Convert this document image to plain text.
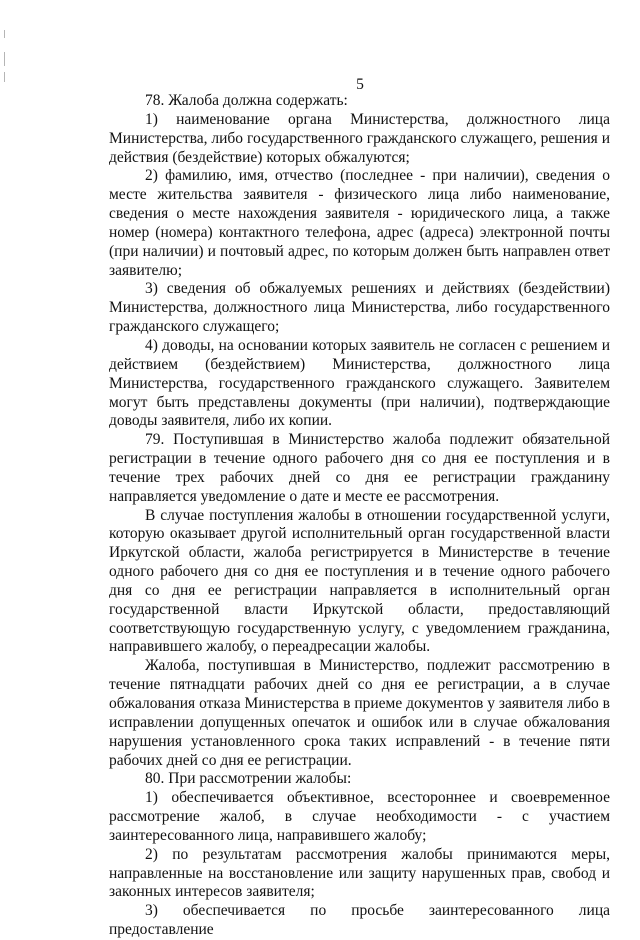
5

78. Жалоба должна содержать:

1) наименование органа Министерства, должностного лица Министерства, либо государственного гражданского служащего, решения и действия (бездействие) которых обжалуются;

2) фамилию, имя, отчество (последнее - при наличии), сведения о месте жительства заявителя - физического лица либо наименование, сведения о месте нахождения заявителя - юридического лица, а также номер (номера) контактного телефона, адрес (адреса) электронной почты (при наличии) и почтовый адрес, по которым должен быть направлен ответ заявителю;

3) сведения об обжалуемых решениях и действиях (бездействии) Министерства, должностного лица Министерства, либо государственного гражданского служащего;

4) доводы, на основании которых заявитель не согласен с решением и действием (бездействием) Министерства, должностного лица Министерства, государственного гражданского служащего. Заявителем могут быть представлены документы (при наличии), подтверждающие доводы заявителя, либо их копии.

79. Поступившая в Министерство жалоба подлежит обязательной регистрации в течение одного рабочего дня со дня ее поступления и в течение трех рабочих дней со дня ее регистрации гражданину направляется уведомление о дате и месте ее рассмотрения.

В случае поступления жалобы в отношении государственной услуги, которую оказывает другой исполнительный орган государственной власти Иркутской области, жалоба регистрируется в Министерстве в течение одного рабочего дня со дня ее поступления и в течение одного рабочего дня со дня ее регистрации направляется в исполнительный орган государственной власти Иркутской области, предоставляющий соответствующую государственную услугу, с уведомлением гражданина, направившего жалобу, о переадресации жалобы.

Жалоба, поступившая в Министерство, подлежит рассмотрению в течение пятнадцати рабочих дней со дня ее регистрации, а в случае обжалования отказа Министерства в приеме документов у заявителя либо в исправлении допущенных опечаток и ошибок или в случае обжалования нарушения установленного срока таких исправлений - в течение пяти рабочих дней со дня ее регистрации.

80. При рассмотрении жалобы:

1) обеспечивается объективное, всестороннее и своевременное рассмотрение жалоб, в случае необходимости - с участием заинтересованного лица, направившего жалобу;

2) по результатам рассмотрения жалобы принимаются меры, направленные на восстановление или защиту нарушенных прав, свобод и законных интересов заявителя;

3) обеспечивается по просьбе заинтересованного лица предоставление
